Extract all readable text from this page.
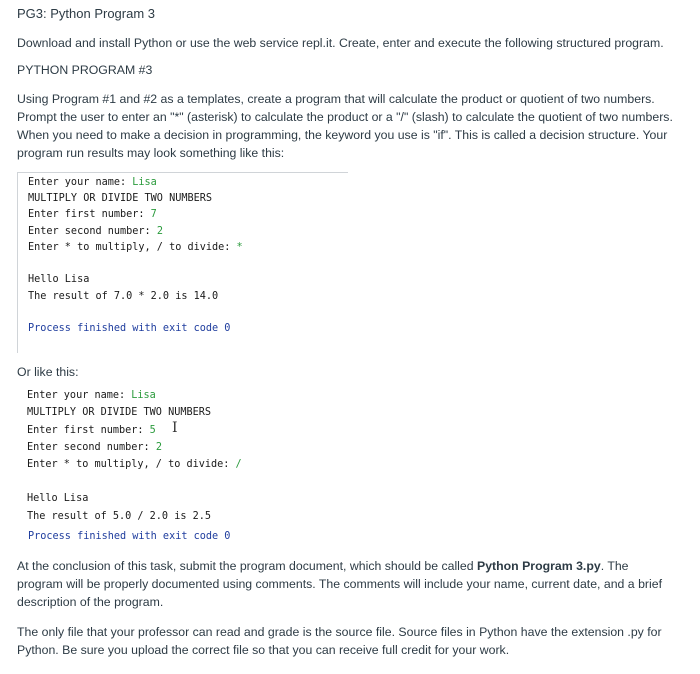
PG3: Python Program 3
Download and install Python or use the web service repl.it. Create, enter and execute the following structured program.
PYTHON PROGRAM #3
Using Program #1 and #2 as a templates, create a program that will calculate the product or quotient of two numbers. Prompt the user to enter an "*" (asterisk) to calculate the product or a "/" (slash) to calculate the quotient of two numbers. When you need to make a decision in programming, the keyword you use is "if". This is called a decision structure. Your program run results may look something like this:
Enter your name: Lisa
MULTIPLY OR DIVIDE TWO NUMBERS
Enter first number: 7
Enter second number: 2
Enter * to multiply, / to divide: *
Hello Lisa
The result of 7.0 * 2.0 is 14.0
Process finished with exit code 0
Or like this:
Enter your name: Lisa
MULTIPLY OR DIVIDE TWO NUMBERS
Enter first number: 5
Enter second number: 2
Enter * to multiply, / to divide: /
Hello Lisa
The result of 5.0 / 2.0 is 2.5
I
Process finished with exit code 0
At the conclusion of this task, submit the program document, which should be called Python Program 3.py. The program will be properly documented using comments. The comments will include your name, current date, and a brief description of the program.
The only file that your professor can read and grade is the source file. Source files in Python have the extension .py for Python. Be sure you upload the correct file so that you can receive full credit for your work.
